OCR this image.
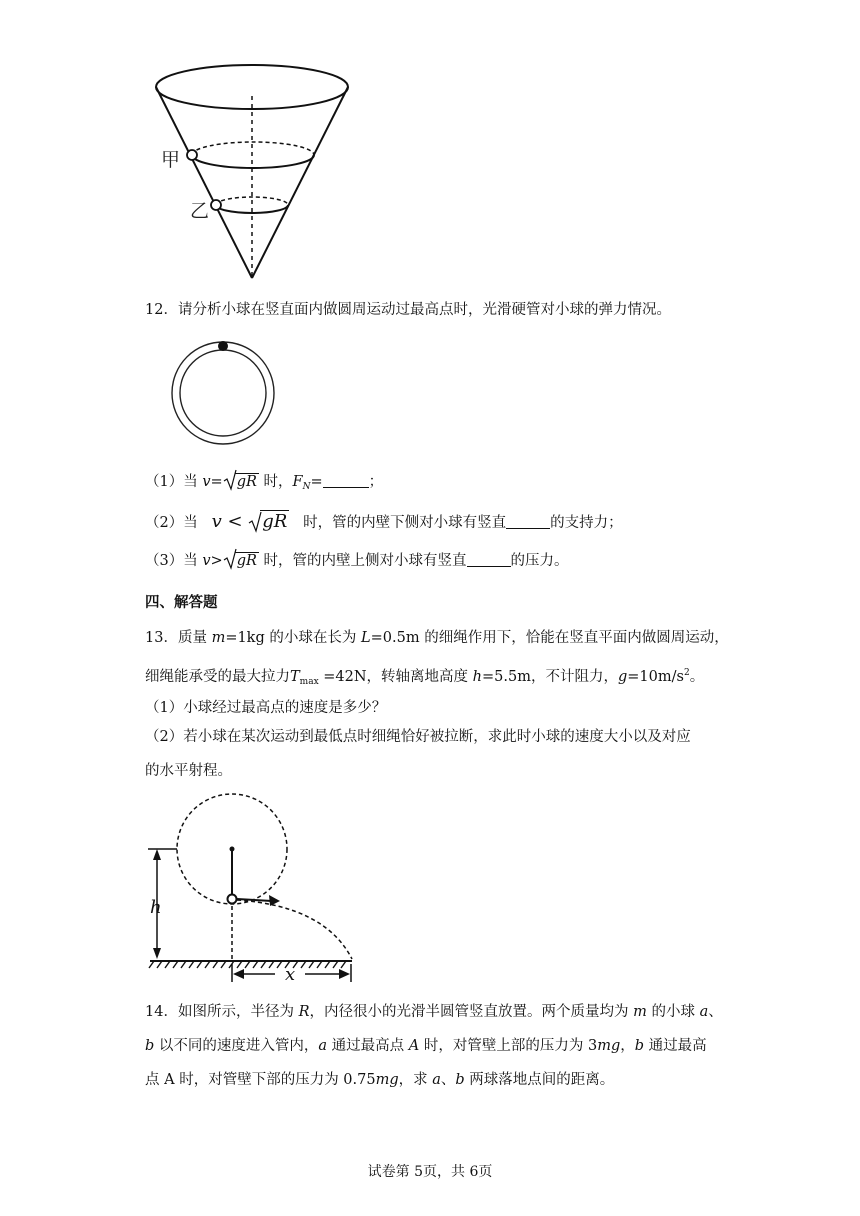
甲
乙
12．请分析小球在竖直面内做圆周运动过最高点时，光滑硬管对小球的弹力情况。
（1）当 v= gR 时，$F_N=$	；
（2）当   v <
gR   时，管的内壁下侧对小球有竖直	的支持力；
（3）当 v> gR 时，管的内壁上侧对小球有竖直	的压力。
四、解答题
13．质量 m=1kg 的小球在长为 L=0.5m 的细绳作用下，恰能在竖直平面内做圆周运动，
细绳能承受的最大拉力$T_{max} =42N$，转轴离地高度 h=5.5m，不计阻力，$g=10m/s^2$。
（1）小球经过最高点的速度是多少？
（2）若小球在某次运动到最低点时细绳恰好被拉断，求此时小球的速度大小以及对应
的水平射程。
h
x
14．如图所示，半径为 R，内径很小的光滑半圆管竖直放置。两个质量均为 m 的小球 a、
b 以不同的速度进入管内，a 通过最高点 A 时，对管壁上部的压力为 3mg，b 通过最高
点 A 时，对管壁下部的压力为 0.75mg，求 a、b 两球落地点间的距离。
试卷第 5页，共 6页
